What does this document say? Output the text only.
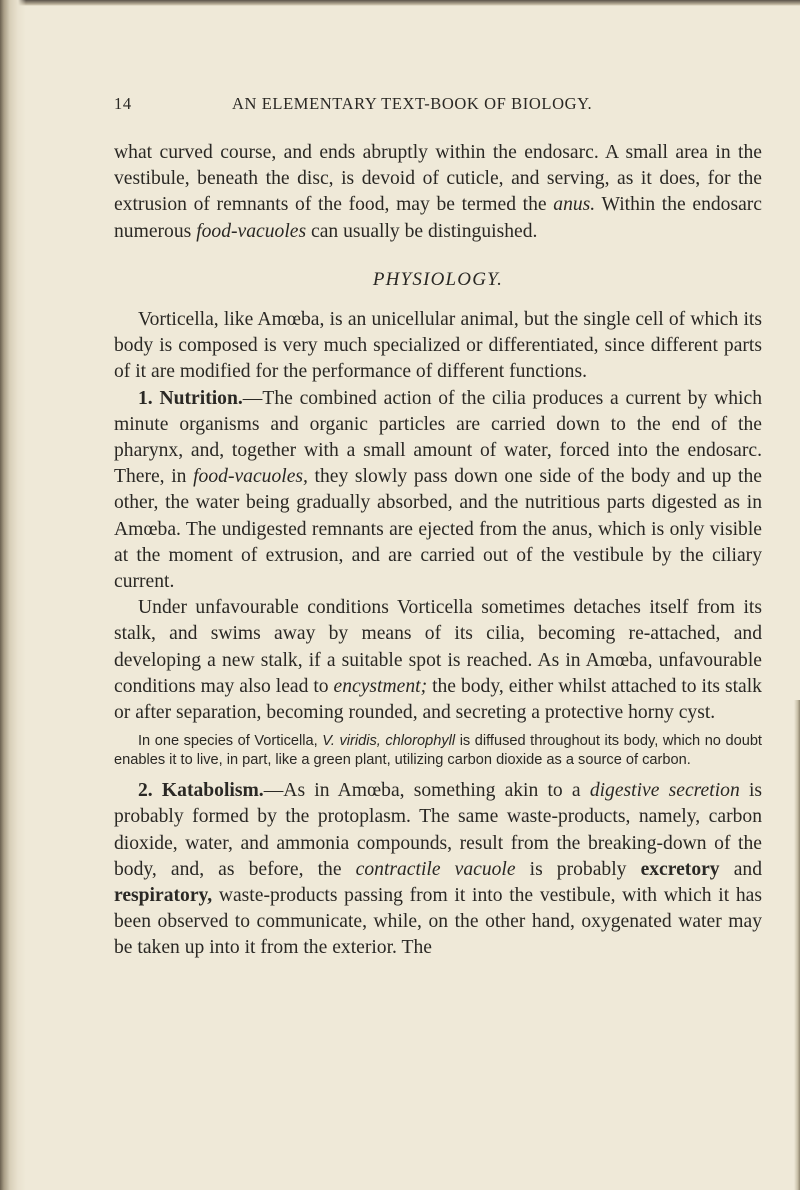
14	AN ELEMENTARY TEXT-BOOK OF BIOLOGY.

what curved course, and ends abruptly within the endosarc. A small area in the vestibule, beneath the disc, is devoid of cuticle, and serving, as it does, for the extrusion of remnants of the food, may be termed the anus. Within the endosarc numerous food-vacuoles can usually be distinguished.

PHYSIOLOGY.

Vorticella, like Amœba, is an unicellular animal, but the single cell of which its body is composed is very much specialized or differentiated, since different parts of it are modified for the performance of different functions.

1. Nutrition.—The combined action of the cilia produces a current by which minute organisms and organic particles are carried down to the end of the pharynx, and, together with a small amount of water, forced into the endosarc. There, in food-vacuoles, they slowly pass down one side of the body and up the other, the water being gradually absorbed, and the nutritious parts digested as in Amœba. The undigested remnants are ejected from the anus, which is only visible at the moment of extrusion, and are carried out of the vestibule by the ciliary current.

Under unfavourable conditions Vorticella sometimes detaches itself from its stalk, and swims away by means of its cilia, becoming re-attached, and developing a new stalk, if a suitable spot is reached. As in Amœba, unfavourable conditions may also lead to encystment; the body, either whilst attached to its stalk or after separation, becoming rounded, and secreting a protective horny cyst.

In one species of Vorticella, V. viridis, chlorophyll is diffused throughout its body, which no doubt enables it to live, in part, like a green plant, utilizing carbon dioxide as a source of carbon.

2. Katabolism.—As in Amœba, something akin to a digestive secretion is probably formed by the protoplasm. The same waste-products, namely, carbon dioxide, water, and ammonia compounds, result from the breaking-down of the body, and, as before, the contractile vacuole is probably excretory and respiratory, waste-products passing from it into the vestibule, with which it has been observed to communicate, while, on the other hand, oxygenated water may be taken up into it from the exterior. The
